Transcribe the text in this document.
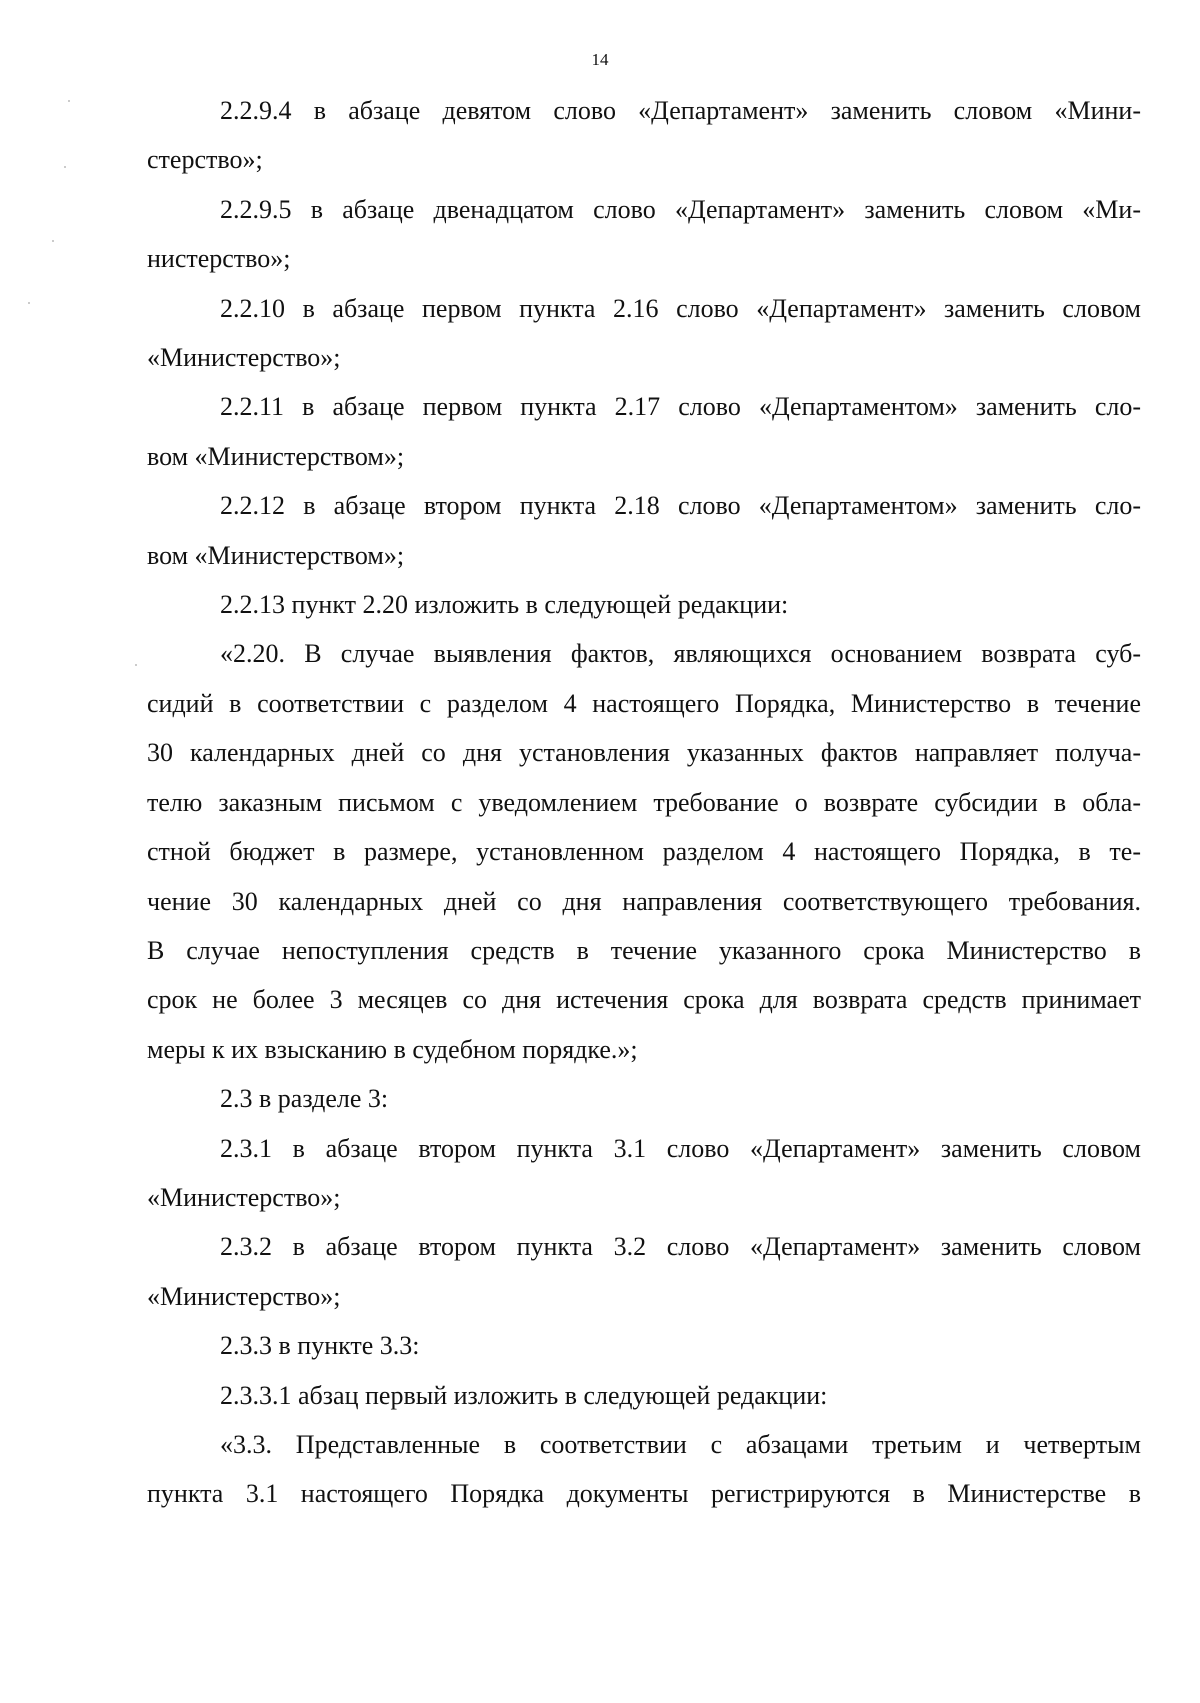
14

2.2.9.4 в абзаце девятом слово «Департамент» заменить словом «Мини-
стерство»;

2.2.9.5 в абзаце двенадцатом слово «Департамент» заменить словом «Ми-
нистерство»;

2.2.10 в абзаце первом пункта 2.16 слово «Департамент» заменить словом
«Министерство»;

2.2.11 в абзаце первом пункта 2.17 слово «Департаментом» заменить сло-
вом «Министерством»;

2.2.12 в абзаце втором пункта 2.18 слово «Департаментом» заменить сло-
вом «Министерством»;

2.2.13 пункт 2.20 изложить в следующей редакции:

«2.20. В случае выявления фактов, являющихся основанием возврата суб-
сидий в соответствии с разделом 4 настоящего Порядка, Министерство в течение
30 календарных дней со дня установления указанных фактов направляет получа-
телю заказным письмом с уведомлением требование о возврате субсидии в обла-
стной бюджет в размере, установленном разделом 4 настоящего Порядка, в те-
чение 30 календарных дней со дня направления соответствующего требования.
В случае непоступления средств в течение указанного срока Министерство в
срок не более 3 месяцев со дня истечения срока для возврата средств принимает
меры к их взысканию в судебном порядке.»;

2.3 в разделе 3:

2.3.1 в абзаце втором пункта 3.1 слово «Департамент» заменить словом
«Министерство»;

2.3.2 в абзаце втором пункта 3.2 слово «Департамент» заменить словом
«Министерство»;

2.3.3 в пункте 3.3:

2.3.3.1 абзац первый изложить в следующей редакции:

«3.3. Представленные в соответствии с абзацами третьим и четвертым
пункта 3.1 настоящего Порядка документы регистрируются в Министерстве в
